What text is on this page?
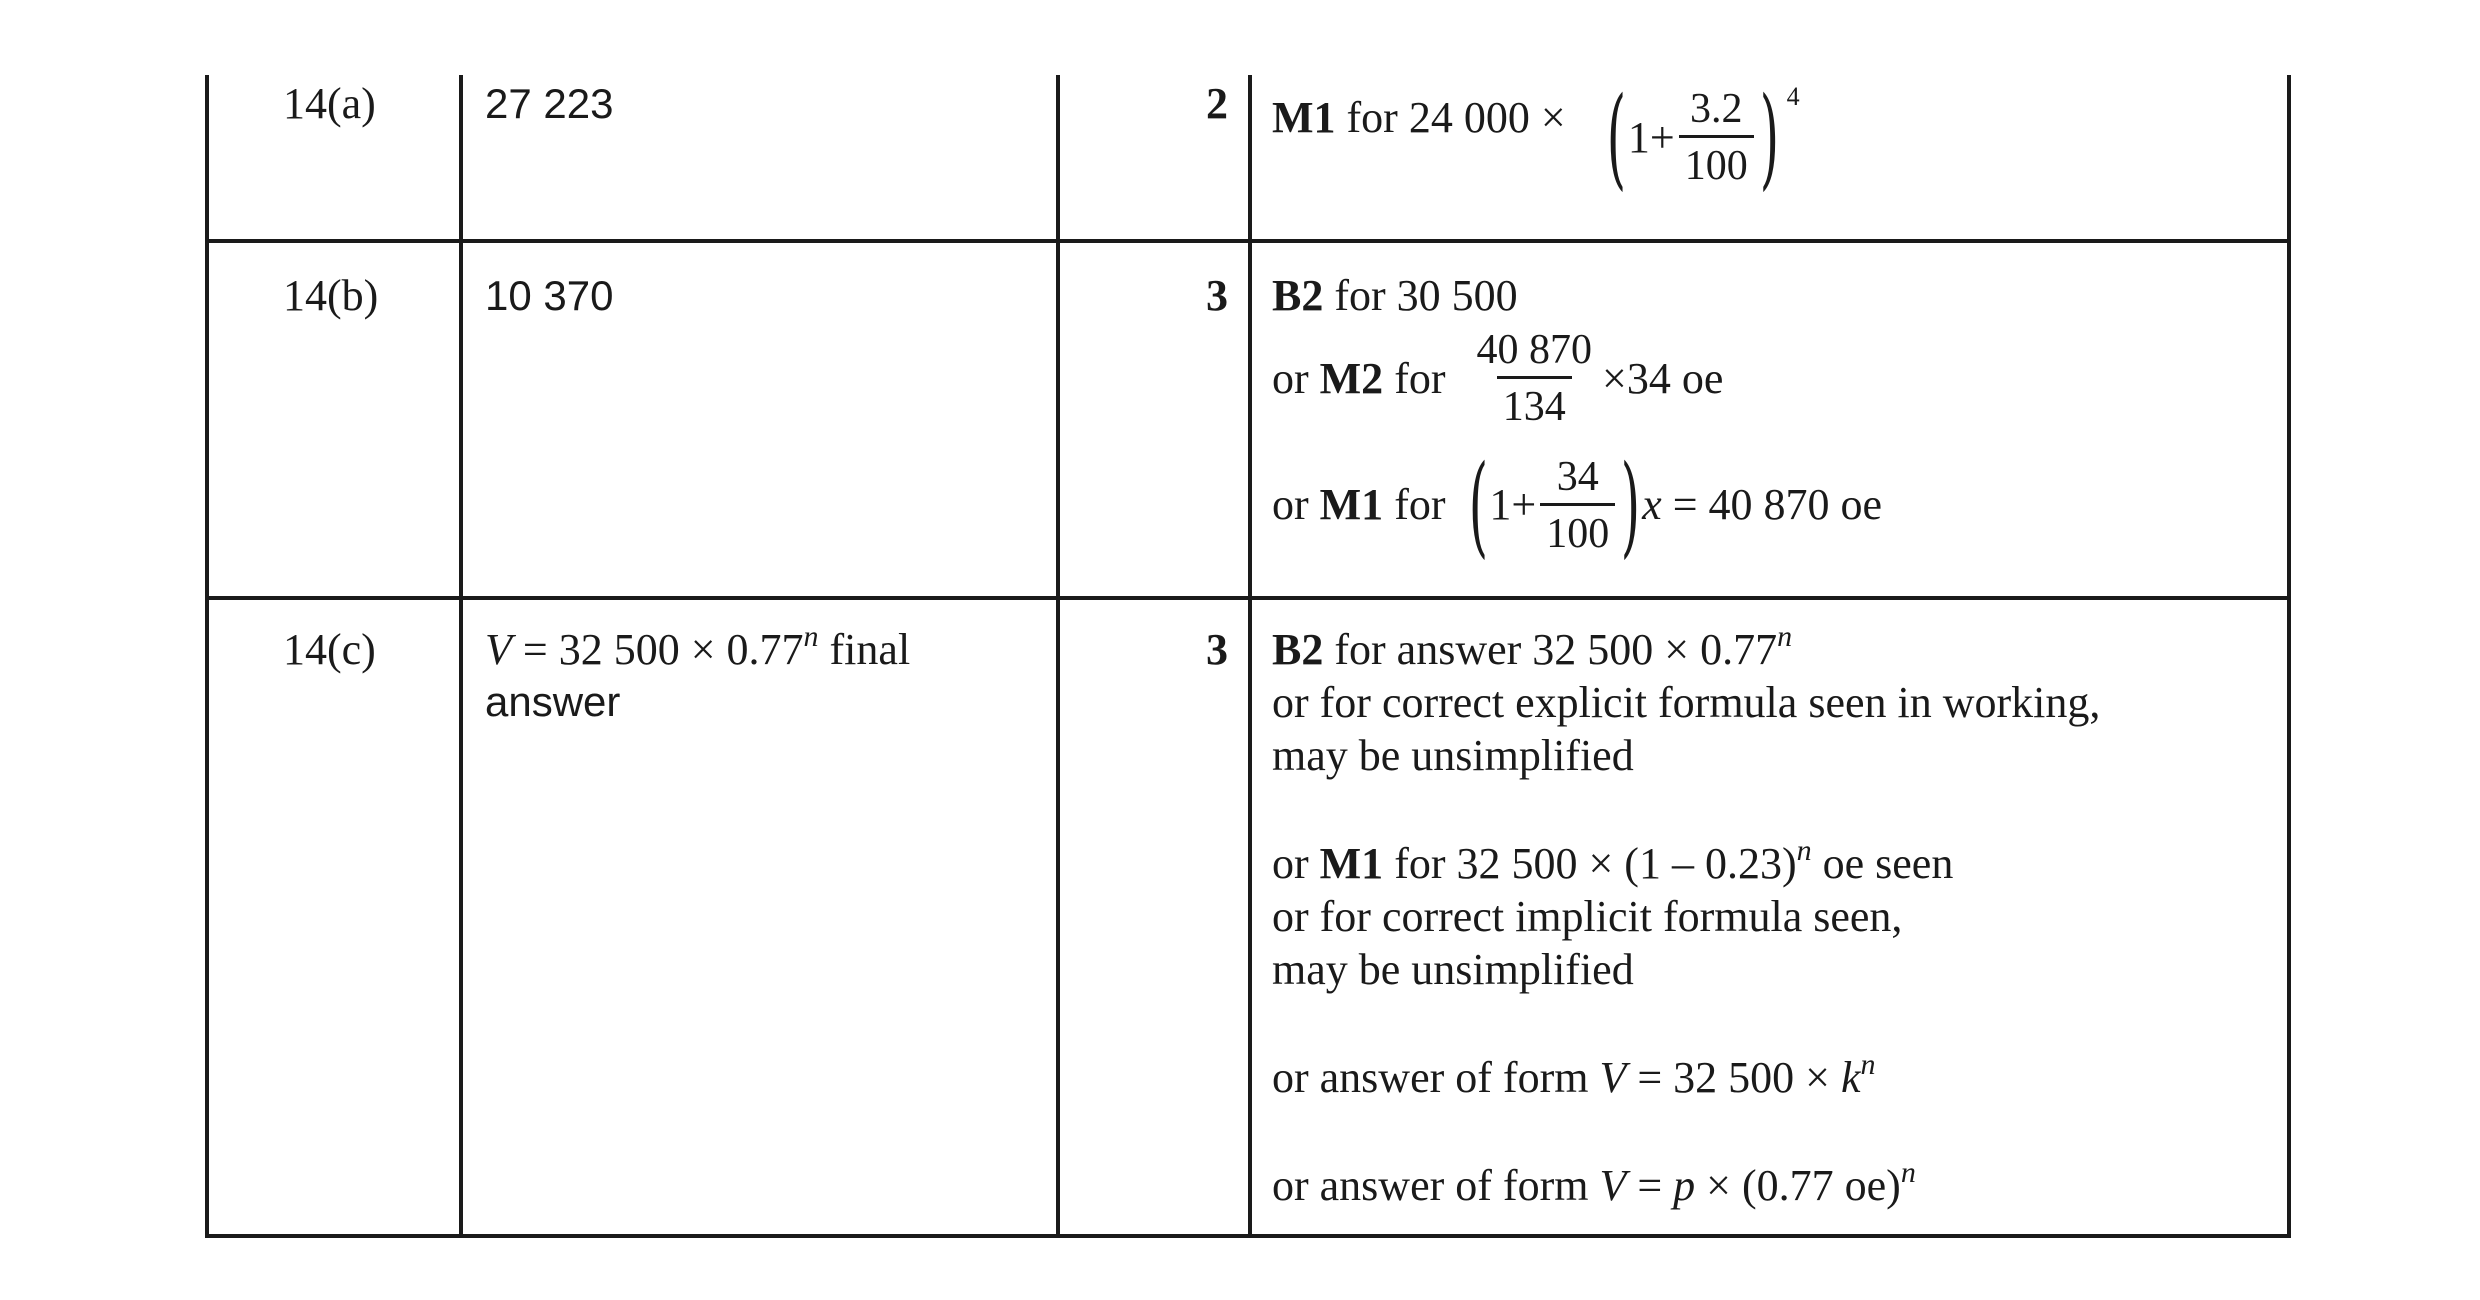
14(a)	27 223	2 M1 for 24 000 × ( $1+ \frac{3.2}{100}$ ) 4
14(b)	10 370	3 B2 for 30 500
or
M2
for
$\frac{40 870}{134} \times 34$ oe
or
M1
for
( $1+ \frac{34}{100}$ ) x
= 40 870 oe
14(c) V = 32 $500 \times 0.77^n$ final
answer
3 B2 for answer 32 $500 \times 0.77^n$
or for correct explicit formula seen in working,
may be unsimplified
or M1 for 32 500 × (1 – 0.23)$^n$ oe seen
or for correct implicit formula seen,
may be unsimplified
or answer of form V = 32 $500 \times k^n$
or answer of form V = p × (0.77 oe)$^n$
